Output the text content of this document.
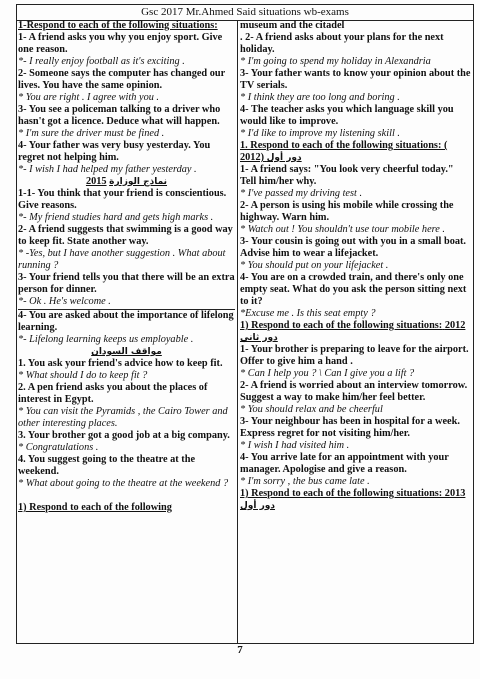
Gsc 2017 Mr.Ahmed Said situations wb-exams
1-Respond to each of the following situations:
1- A friend asks you why you enjoy sport. Give one reason.
*- I really enjoy football as it's exciting .
2- Someone says the computer has changed our lives. You have the same opinion.
* You are right . I agree with you .
3- You see a policeman talking to a driver who hasn't got a licence. Deduce what will happen.
* I'm sure the driver must be fined .
4- Your father was very busy yesterday. You regret not helping him.
*- I wish I had helped my father yesterday .
2015 نماذج الوزارة
1-1- You think that your friend is conscientious. Give reasons.
*- My friend studies hard and gets high marks .
2- A friend suggests that swimming is a good way to keep fit. State another way.
* -Yes, but I have another suggestion . What about running ?
3- Your friend tells you that there will be an extra person for dinner.
*- Ok . He's welcome .
4- You are asked about the importance of lifelong learning.
*- Lifelong learning keeps us employable .
مواقف السودان
1. You ask your friend's advice how to keep fit.
* What should I do to keep fit ?
2. A pen friend asks you about the places of interest in Egypt.
* You can visit the Pyramids , the Cairo Tower and other interesting places.
3. Your brother got a good job at a big company.
* Congratulations .
4. You suggest going to the theatre at the weekend.
* What about going to the theatre at the weekend ?
1) Respond to each of the following
museum and the citadel
. 2- A friend asks about your plans for the next holiday.
* I'm going to spend my holiday in Alexandria
3- Your father wants to know your opinion about the TV serials.
* I think they are too long and boring .
4- The teacher asks you which language skill you would like to improve.
* I'd like to improve my listening skill .
1. Respond to each of the following situations: ( 2012) دور أول
1- A friend says: "You look very cheerful today." Tell him/her why.
* I've passed my driving test .
2- A person is using his mobile while crossing the highway. Warn him.
* Watch out ! You shouldn't use tour mobile here .
3- Your cousin is going out with you in a small boat. Advise him to wear a lifejacket.
* You should put on your lifejacket .
4- You are on a crowded train, and there's only one empty seat. What do you ask the person sitting next to it?
*Excuse me . Is this seat empty ?
1) Respond to each of the following situations: 2012 دور ثاني
1- Your brother is preparing to leave for the airport. Offer to give him a hand .
* Can I help you ? \ Can I give you a lift ?
2- A friend is worried about an interview tomorrow. Suggest a way to make him/her feel better.
* You should relax and be cheerful
3- Your neighbour has been in hospital for a week. Express regret for not visiting him/her.
* I wish I had visited him .
4- You arrive late for an appointment with your manager. Apologise and give a reason.
* I'm sorry , the bus came late .
1) Respond to each of the following situations: 2013 دور أول
7
